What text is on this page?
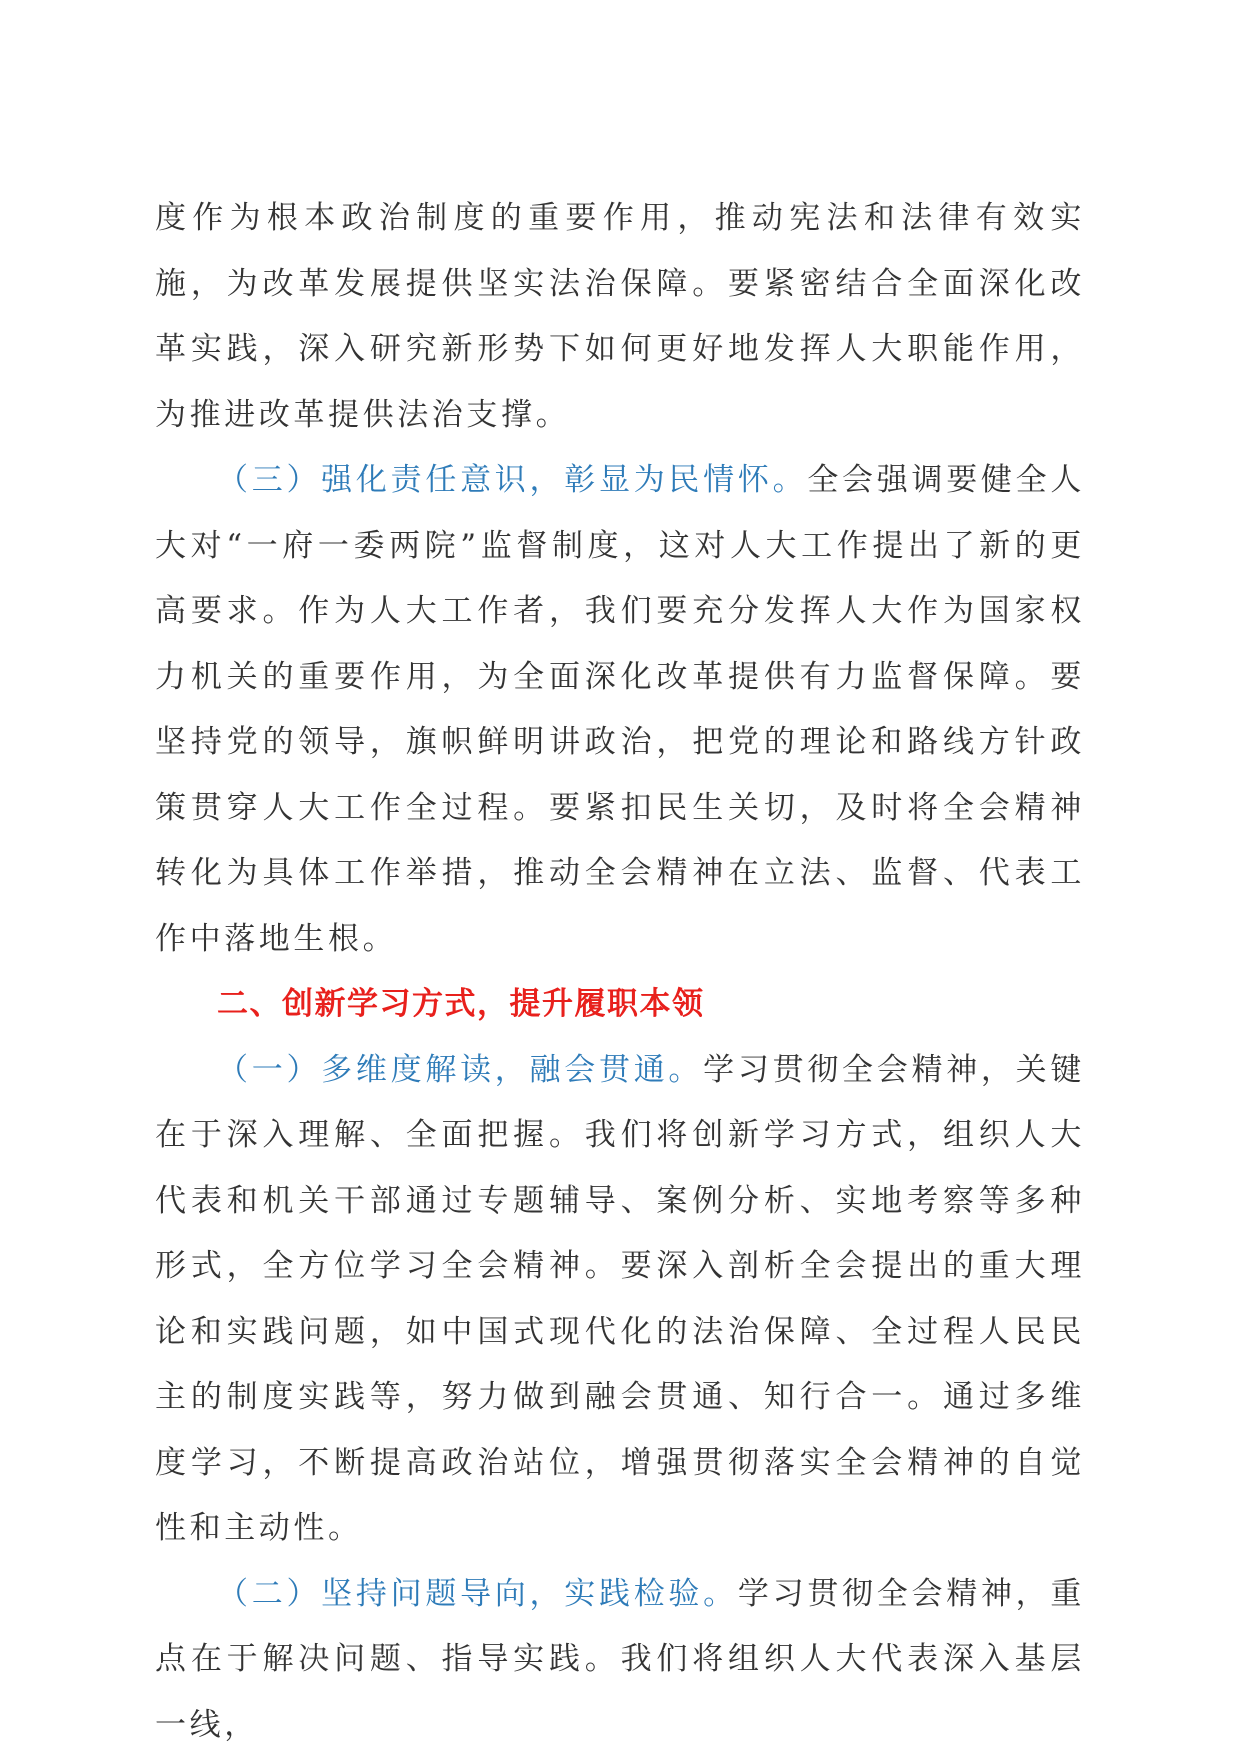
度作为根本政治制度的重要作用，推动宪法和法律有效实施，为改革发展提供坚实法治保障。要紧密结合全面深化改革实践，深入研究新形势下如何更好地发挥人大职能作用，为推进改革提供法治支撑。

（三）强化责任意识，彰显为民情怀。全会强调要健全人大对“一府一委两院”监督制度，这对人大工作提出了新的更高要求。作为人大工作者，我们要充分发挥人大作为国家权力机关的重要作用，为全面深化改革提供有力监督保障。要坚持党的领导，旗帜鲜明讲政治，把党的理论和路线方针政策贯穿人大工作全过程。要紧扣民生关切，及时将全会精神转化为具体工作举措，推动全会精神在立法、监督、代表工作中落地生根。

二、创新学习方式，提升履职本领

（一）多维度解读，融会贯通。学习贯彻全会精神，关键在于深入理解、全面把握。我们将创新学习方式，组织人大代表和机关干部通过专题辅导、案例分析、实地考察等多种形式，全方位学习全会精神。要深入剖析全会提出的重大理论和实践问题，如中国式现代化的法治保障、全过程人民民主的制度实践等，努力做到融会贯通、知行合一。通过多维度学习，不断提高政治站位，增强贯彻落实全会精神的自觉性和主动性。

（二）坚持问题导向，实践检验。学习贯彻全会精神，重点在于解决问题、指导实践。我们将组织人大代表深入基层一线，
